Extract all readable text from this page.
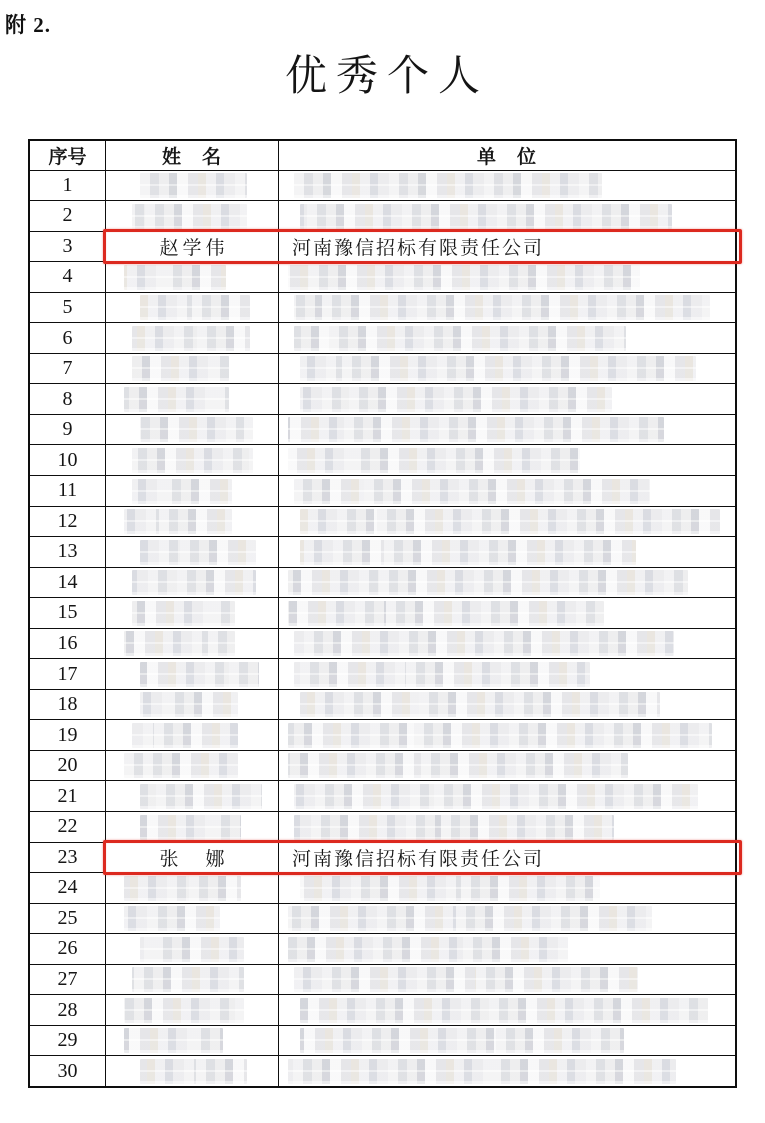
附 2.
优秀个人
序号	姓　名	单　位
1
2
3	赵学伟	河南豫信招标有限责任公司
4
5
6
7
8
9
10
11
12
13
14
15
16
17
18
19
20
21
22
23	张　娜	河南豫信招标有限责任公司
24
25
26
27
28
29
30
